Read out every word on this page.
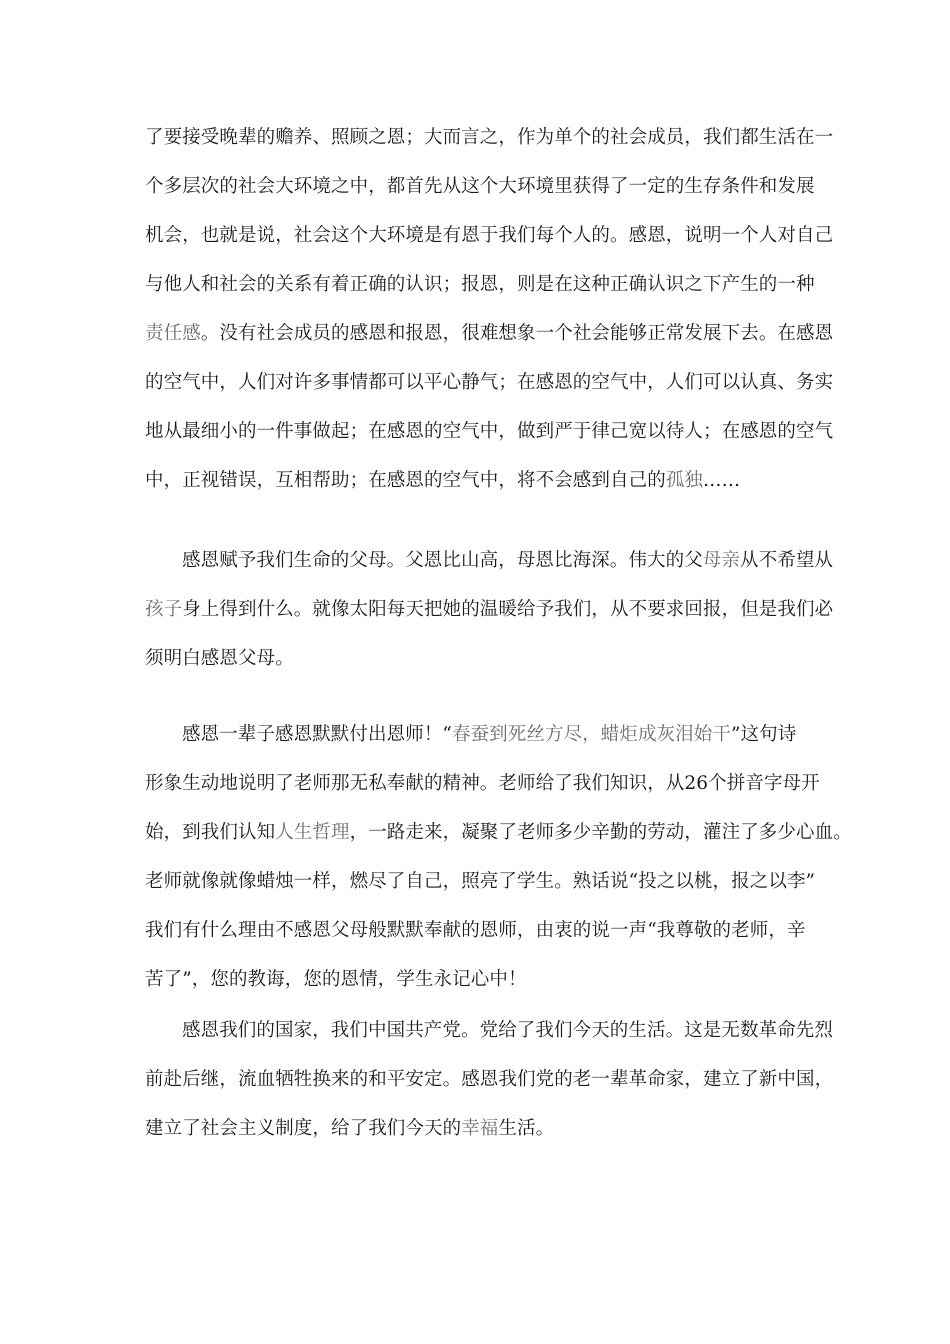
了要接受晚辈的赡养、照顾之恩；大而言之，作为单个的社会成员，我们都生活在一
个多层次的社会大环境之中，都首先从这个大环境里获得了一定的生存条件和发展
机会，也就是说，社会这个大环境是有恩于我们每个人的。感恩，说明一个人对自己
与他人和社会的关系有着正确的认识；报恩，则是在这种正确认识之下产生的一种
责任感。没有社会成员的感恩和报恩，很难想象一个社会能够正常发展下去。在感恩
的空气中，人们对许多事情都可以平心静气；在感恩的空气中，人们可以认真、务实
地从最细小的一件事做起；在感恩的空气中，做到严于律己宽以待人；在感恩的空气
中，正视错误，互相帮助；在感恩的空气中，将不会感到自己的孤独……
感恩赋予我们生命的父母。父恩比山高，母恩比海深。伟大的父母亲从不希望从
孩子身上得到什么。就像太阳每天把她的温暖给予我们，从不要求回报，但是我们必
须明白感恩父母。
感恩一辈子感恩默默付出恩师！“春蚕到死丝方尽，蜡炬成灰泪始干”这句诗
形象生动地说明了老师那无私奉献的精神。老师给了我们知识，从26个拼音字母开
始，到我们认知人生哲理，一路走来，凝聚了老师多少辛勤的劳动，灌注了多少心血。
老师就像就像蜡烛一样，燃尽了自己，照亮了学生。熟话说“投之以桃，报之以李”
我们有什么理由不感恩父母般默默奉献的恩师，由衷的说一声“我尊敬的老师，辛
苦了”，您的教诲，您的恩情，学生永记心中！
感恩我们的国家，我们中国共产党。党给了我们今天的生活。这是无数革命先烈
前赴后继，流血牺牲换来的和平安定。感恩我们党的老一辈革命家，建立了新中国，
建立了社会主义制度，给了我们今天的幸福生活。
